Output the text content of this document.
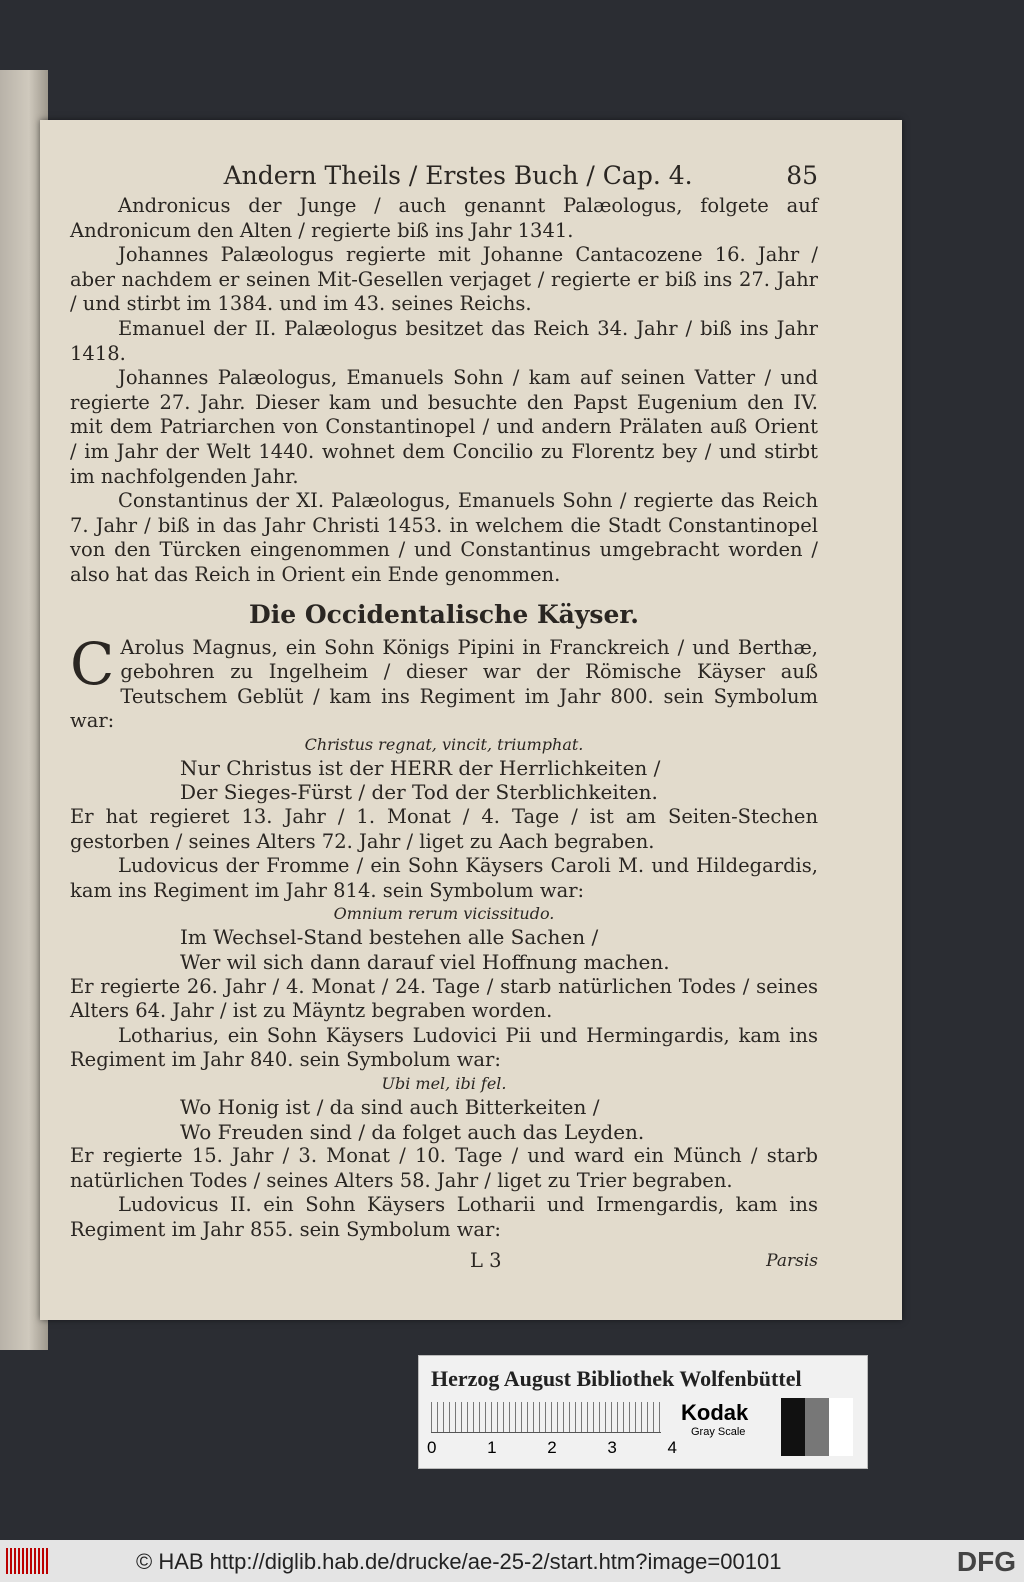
Andern Theils / Erstes Buch / Cap. 4.	85

Andronicus der Junge / auch genannt Palæologus, folgete auf Andronicum den Alten / regierte biß ins Jahr 1341.

Johannes Palæologus regierte mit Johanne Cantacozene 16. Jahr / aber nachdem er seinen Mit-Gesellen verjaget / regierte er biß ins 27. Jahr / und stirbt im 1384. und im 43. seines Reichs.

Emanuel der II. Palæologus besitzet das Reich 34. Jahr / biß ins Jahr 1418.

Johannes Palæologus, Emanuels Sohn / kam auf seinen Vatter / und regierte 27. Jahr. Dieser kam und besuchte den Papst Eugenium den IV. mit dem Patriarchen von Constantinopel / und andern Prälaten auß Orient / im Jahr der Welt 1440. wohnet dem Concilio zu Florentz bey / und stirbt im nachfolgenden Jahr.

Constantinus der XI. Palæologus, Emanuels Sohn / regierte das Reich 7. Jahr / biß in das Jahr Christi 1453. in welchem die Stadt Constantinopel von den Türcken eingenommen / und Constantinus umgebracht worden / also hat das Reich in Orient ein Ende genommen.

Die Occidentalische Käyser.

C Arolus Magnus, ein Sohn Königs Pipini in Franckreich / und Berthæ, gebohren zu Ingelheim / dieser war der Römische Käyser auß Teutschem Geblüt / kam ins Regiment im Jahr 800. sein Symbolum war:

Christus regnat, vincit, triumphat.

Nur Christus ist der HERR der Herrlichkeiten /

Der Sieges-Fürst / der Tod der Sterblichkeiten.

Er hat regieret 13. Jahr / 1. Monat / 4. Tage / ist am Seiten-Stechen gestorben / seines Alters 72. Jahr / liget zu Aach begraben.

Ludovicus der Fromme / ein Sohn Käysers Caroli M. und Hildegardis, kam ins Regiment im Jahr 814. sein Symbolum war:

Omnium rerum vicissitudo.

Im Wechsel-Stand bestehen alle Sachen /

Wer wil sich dann darauf viel Hoffnung machen.

Er regierte 26. Jahr / 4. Monat / 24. Tage / starb natürlichen Todes / seines Alters 64. Jahr / ist zu Mäyntz begraben worden.

Lotharius, ein Sohn Käysers Ludovici Pii und Hermingardis, kam ins Regiment im Jahr 840. sein Symbolum war:

Ubi mel, ibi fel.

Wo Honig ist / da sind auch Bitterkeiten /

Wo Freuden sind / da folget auch das Leyden.

Er regierte 15. Jahr / 3. Monat / 10. Tage / und ward ein Münch / starb natürlichen Todes / seines Alters 58. Jahr / liget zu Trier begraben.

Ludovicus II. ein Sohn Käysers Lotharii und Irmengardis, kam ins Regiment im Jahr 855. sein Symbolum war:

L 3	Parsis
Herzog August Bibliothek Wolfenbüttel
0	1	2	3	4
Kodak
Gray Scale
© HAB http://diglib.hab.de/drucke/ae-25-2/start.htm?image=00101	DFG
